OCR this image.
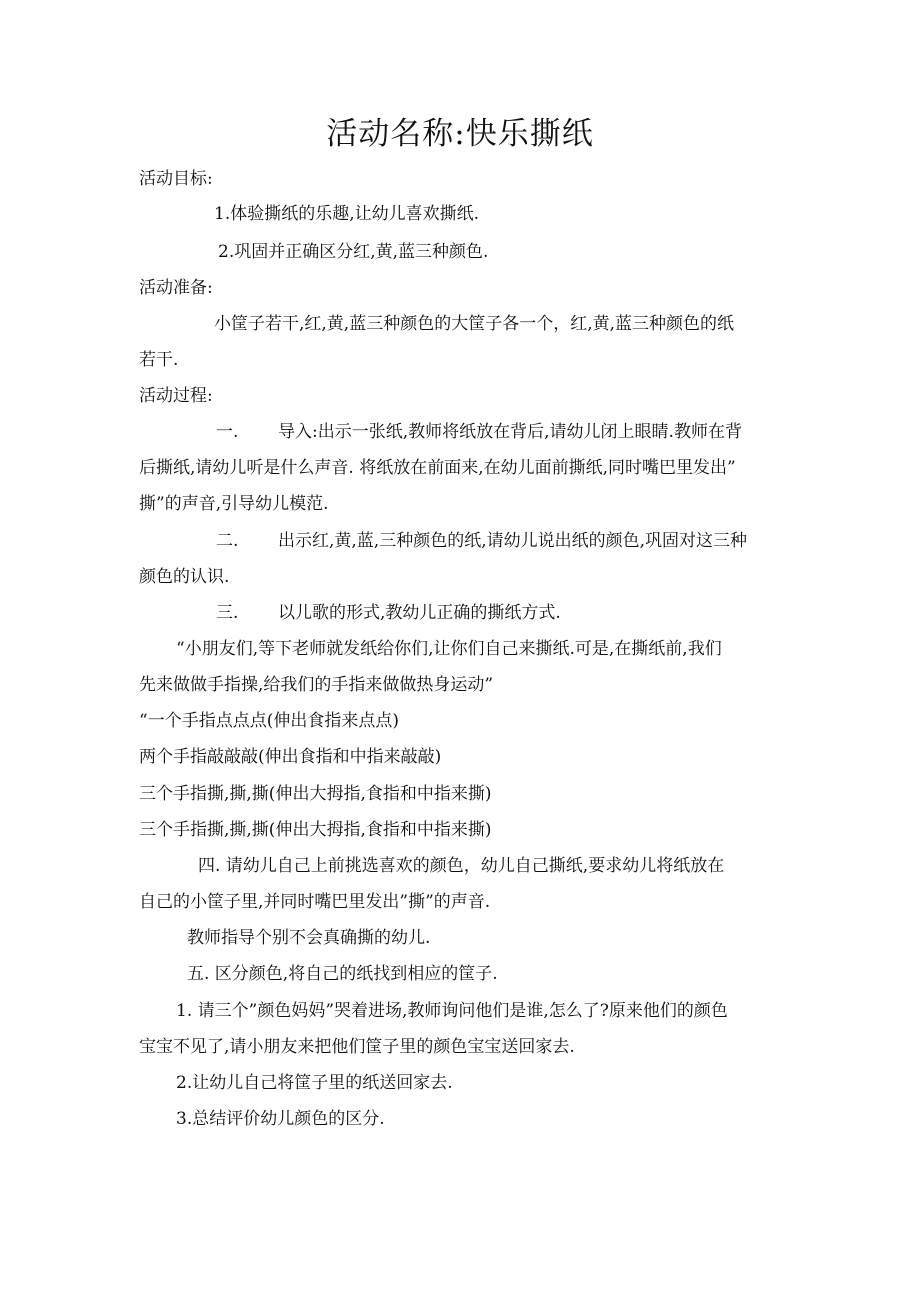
活动名称:快乐撕纸

活动目标:

1.体验撕纸的乐趣,让幼儿喜欢撕纸.

2.巩固并正确区分红,黄,蓝三种颜色.

活动准备:

小筐子若干,红,黄,蓝三种颜色的大筐子各一个，红,黄,蓝三种颜色的纸

若干.

活动过程:

一. 导入:出示一张纸,教师将纸放在背后,请幼儿闭上眼睛.教师在背

后撕纸,请幼儿听是什么声音. 将纸放在前面来,在幼儿面前撕纸,同时嘴巴里发出”

撕”的声音,引导幼儿模范.

二. 出示红,黄,蓝,三种颜色的纸,请幼儿说出纸的颜色,巩固对这三种

颜色的认识.

三. 以儿歌的形式,教幼儿正确的撕纸方式.

“小朋友们,等下老师就发纸给你们,让你们自己来撕纸.可是,在撕纸前,我们

先来做做手指操,给我们的手指来做做热身运动”

“一个手指点点点(伸出食指来点点)

两个手指敲敲敲(伸出食指和中指来敲敲)

三个手指撕,撕,撕(伸出大拇指,食指和中指来撕)

三个手指撕,撕,撕(伸出大拇指,食指和中指来撕)

四. 请幼儿自己上前挑选喜欢的颜色，幼儿自己撕纸,要求幼儿将纸放在

自己的小筐子里,并同时嘴巴里发出”撕”的声音.

教师指导个别不会真确撕的幼儿.

五. 区分颜色,将自己的纸找到相应的筐子.

1. 请三个”颜色妈妈”哭着进场,教师询问他们是谁,怎么了?原来他们的颜色

宝宝不见了,请小朋友来把他们筐子里的颜色宝宝送回家去.

2.让幼儿自己将筐子里的纸送回家去.

3.总结评价幼儿颜色的区分.
